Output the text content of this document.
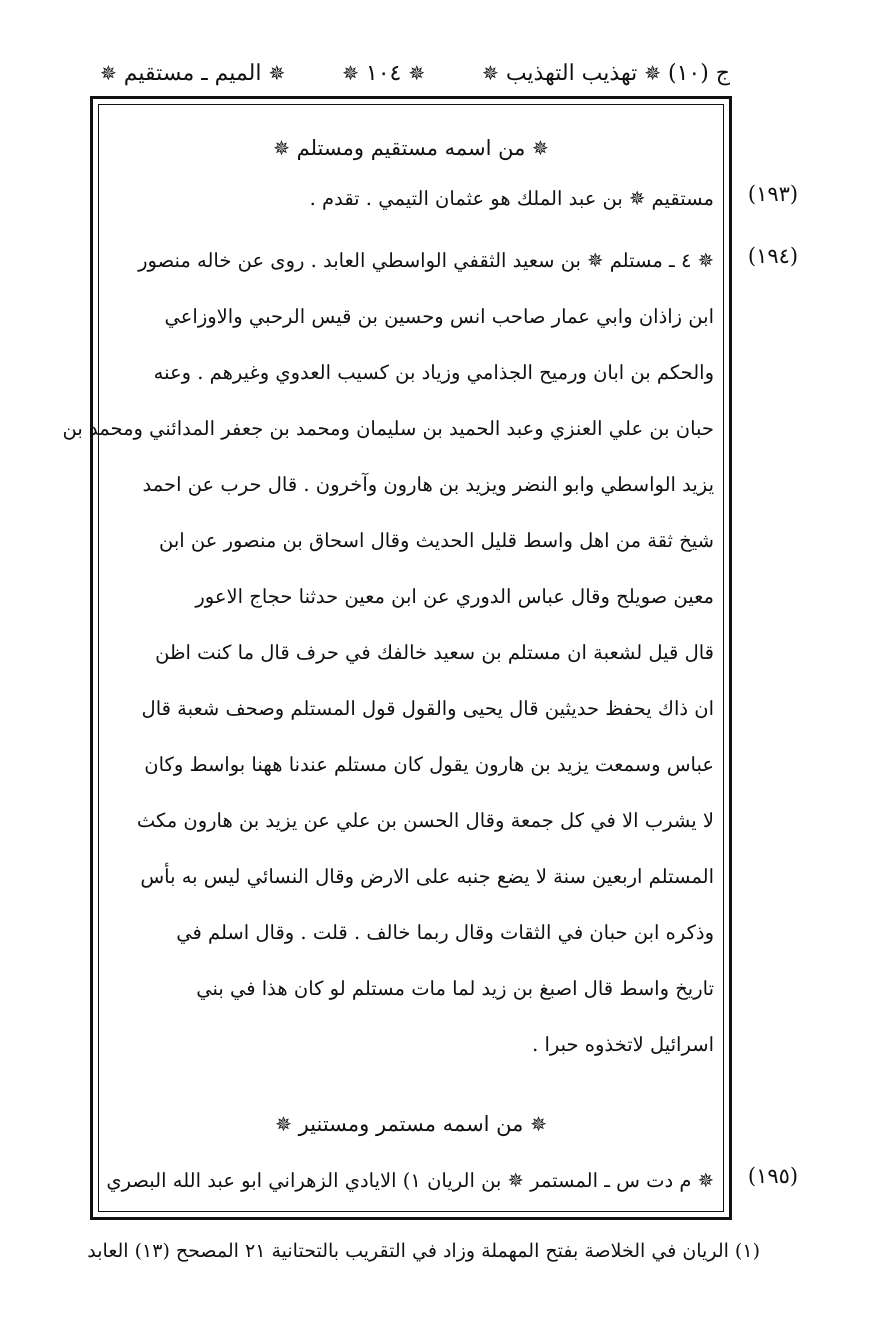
✵ الميم ـ مستقيم ✵	✵ ١٠٤ ✵	ج (١٠) ✵ تهذيب التهذيب ✵
✵ من اسمه مستقيم ومستلم ✵
(١٩٣)
مستقيم ✵ بن عبد الملك هو عثمان التيمي . تقدم .
(١٩٤)
✵ ٤ ـ مستلم ✵ بن سعيد الثقفي الواسطي العابد . روى عن خاله منصور
ابن زاذان وابي عمار صاحب انس وحسين بن قيس الرحبي والاوزاعي
والحكم بن ابان ورميح الجذامي وزياد بن كسيب العدوي وغيرهم . وعنه
حبان بن علي العنزي وعبد الحميد بن سليمان ومحمد بن جعفر المدائني ومحمد بن
يزيد الواسطي وابو النضر ويزيد بن هارون وآخرون . قال حرب عن احمد
شيخ ثقة من اهل واسط قليل الحديث وقال اسحاق بن منصور عن ابن
معين صويلح وقال عباس الدوري عن ابن معين حدثنا حجاج الاعور
قال قيل لشعبة ان مستلم بن سعيد خالفك في حرف قال ما كنت اظن
ان ذاك يحفظ حديثين قال يحيى والقول قول المستلم وصحف شعبة قال
عباس وسمعت يزيد بن هارون يقول كان مستلم عندنا ههنا بواسط وكان
لا يشرب الا في كل جمعة وقال الحسن بن علي عن يزيد بن هارون مكث
المستلم اربعين سنة لا يضع جنبه على الارض وقال النسائي ليس به بأس
وذكره ابن حبان في الثقات وقال ربما خالف . قلت . وقال اسلم في
تاريخ واسط قال اصبغ بن زيد لما مات مستلم لو كان هذا في بني
اسرائيل لاتخذوه حبرا .
✵ من اسمه مستمر ومستنير ✵
(١٩٥)
✵ م دت س ـ المستمر ✵ بن الريان ١) الايادي الزهراني ابو عبد الله البصري
(١) الريان في الخلاصة بفتح المهملة وزاد في التقريب بالتحتانية ٢١ المصحح (١٣) العابد
